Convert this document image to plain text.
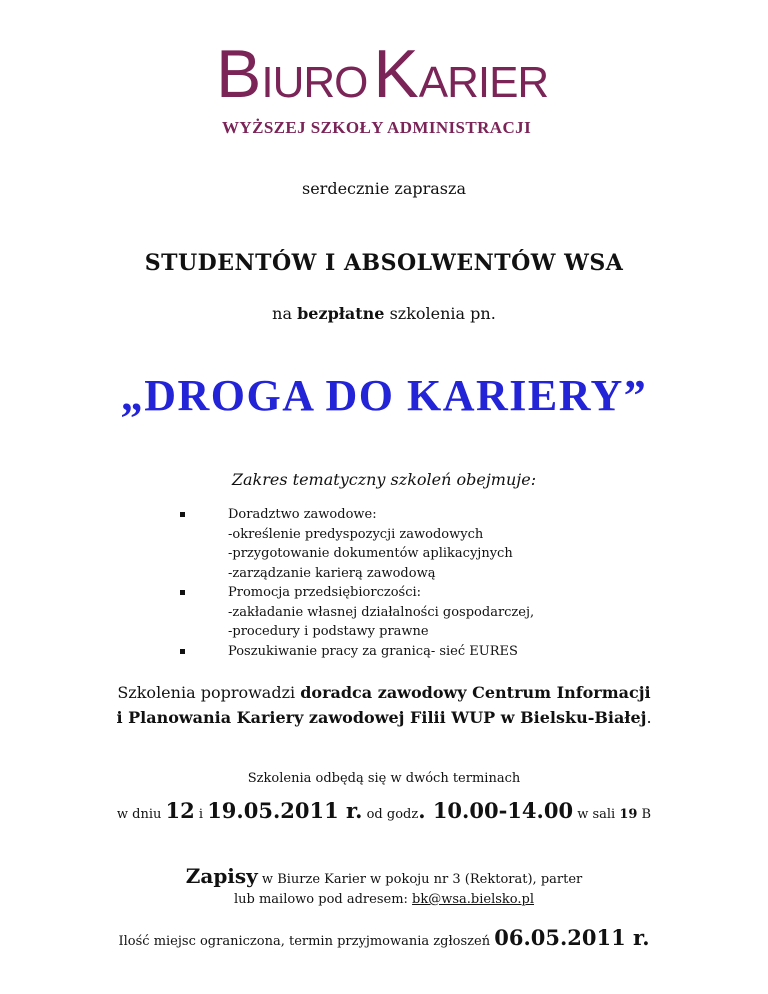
BIUROKARIER
WYŻSZEJ SZKOŁY ADMINISTRACJI
serdecznie zaprasza
STUDENTÓW I ABSOLWENTÓW WSA
na bezpłatne szkolenia pn.
„DROGA DO KARIERY”
Zakres tematyczny szkoleń obejmuje:
Doradztwo zawodowe:
-określenie predyspozycji zawodowych
-przygotowanie dokumentów aplikacyjnych
-zarządzanie karierą zawodową
Promocja przedsiębiorczości:
-zakładanie własnej działalności gospodarczej,
-procedury i podstawy prawne
Poszukiwanie pracy za granicą- sieć EURES
Szkolenia poprowadzi doradca zawodowy Centrum Informacji
i Planowania Kariery zawodowej Filii WUP w Bielsku-Białej.
Szkolenia odbędą się w dwóch terminach
w dniu 12 i 19.05.2011 r. od godz. 10.00-14.00 w sali 19 B
Zapisy w Biurze Karier w pokoju nr 3 (Rektorat), parter
lub mailowo pod adresem: bk@wsa.bielsko.pl
Ilość miejsc ograniczona, termin przyjmowania zgłoszeń 06.05.2011 r.
